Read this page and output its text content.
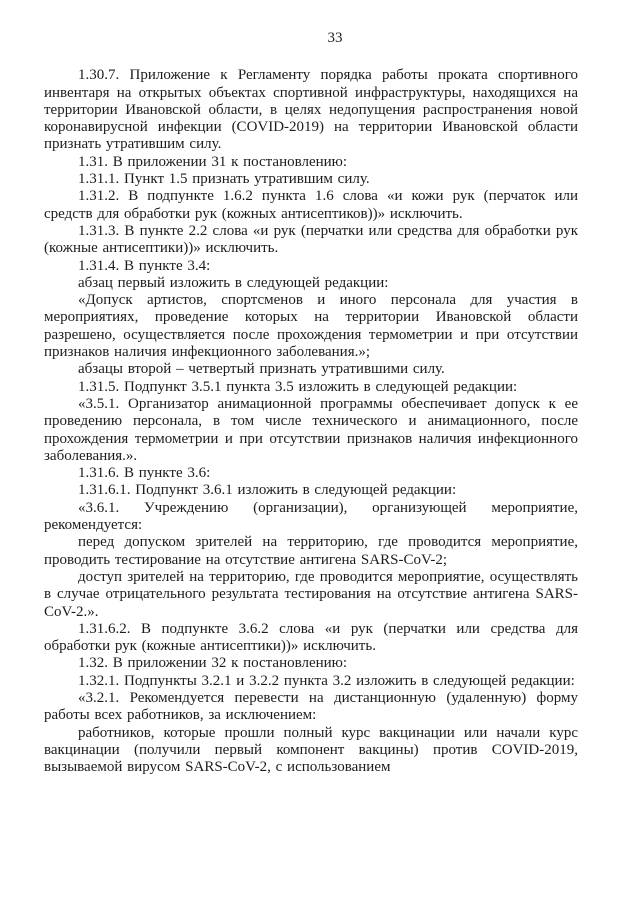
33

1.30.7. Приложение к Регламенту порядка работы проката спортивного инвентаря на открытых объектах спортивной инфраструктуры, находящихся на территории Ивановской области, в целях недопущения распространения новой коронавирусной инфекции (COVID-2019) на территории Ивановской области признать утратившим силу.

1.31. В приложении 31 к постановлению:

1.31.1. Пункт 1.5 признать утратившим силу.

1.31.2. В подпункте 1.6.2 пункта 1.6 слова «и кожи рук (перчаток или средств для обработки рук (кожных антисептиков))» исключить.

1.31.3. В пункте 2.2 слова «и рук (перчатки или средства для обработки рук (кожные антисептики))» исключить.

1.31.4. В пункте 3.4:

абзац первый изложить в следующей редакции:

«Допуск артистов, спортсменов и иного персонала для участия в мероприятиях, проведение которых на территории Ивановской области разрешено, осуществляется после прохождения термометрии и при отсутствии признаков наличия инфекционного заболевания.»;

абзацы второй – четвертый признать утратившими силу.

1.31.5. Подпункт 3.5.1 пункта 3.5 изложить в следующей редакции:

«3.5.1. Организатор анимационной программы обеспечивает допуск к ее проведению персонала, в том числе технического и анимационного, после прохождения термометрии и при отсутствии признаков наличия инфекционного заболевания.».

1.31.6. В пункте 3.6:

1.31.6.1. Подпункт 3.6.1 изложить в следующей редакции:

«3.6.1. Учреждению (организации), организующей мероприятие, рекомендуется:

перед допуском зрителей на территорию, где проводится мероприятие, проводить тестирование на отсутствие антигена SARS-CoV-2;

доступ зрителей на территорию, где проводится мероприятие, осуществлять в случае отрицательного результата тестирования на отсутствие антигена SARS-CoV-2.».

1.31.6.2. В подпункте 3.6.2 слова «и рук (перчатки или средства для обработки рук (кожные антисептики))» исключить.

1.32. В приложении 32 к постановлению:

1.32.1. Подпункты 3.2.1 и 3.2.2 пункта 3.2 изложить в следующей редакции:

«3.2.1. Рекомендуется перевести на дистанционную (удаленную) форму работы всех работников, за исключением:

работников, которые прошли полный курс вакцинации или начали курс вакцинации (получили первый компонент вакцины) против COVID-2019, вызываемой вирусом SARS-CoV-2, с использованием
